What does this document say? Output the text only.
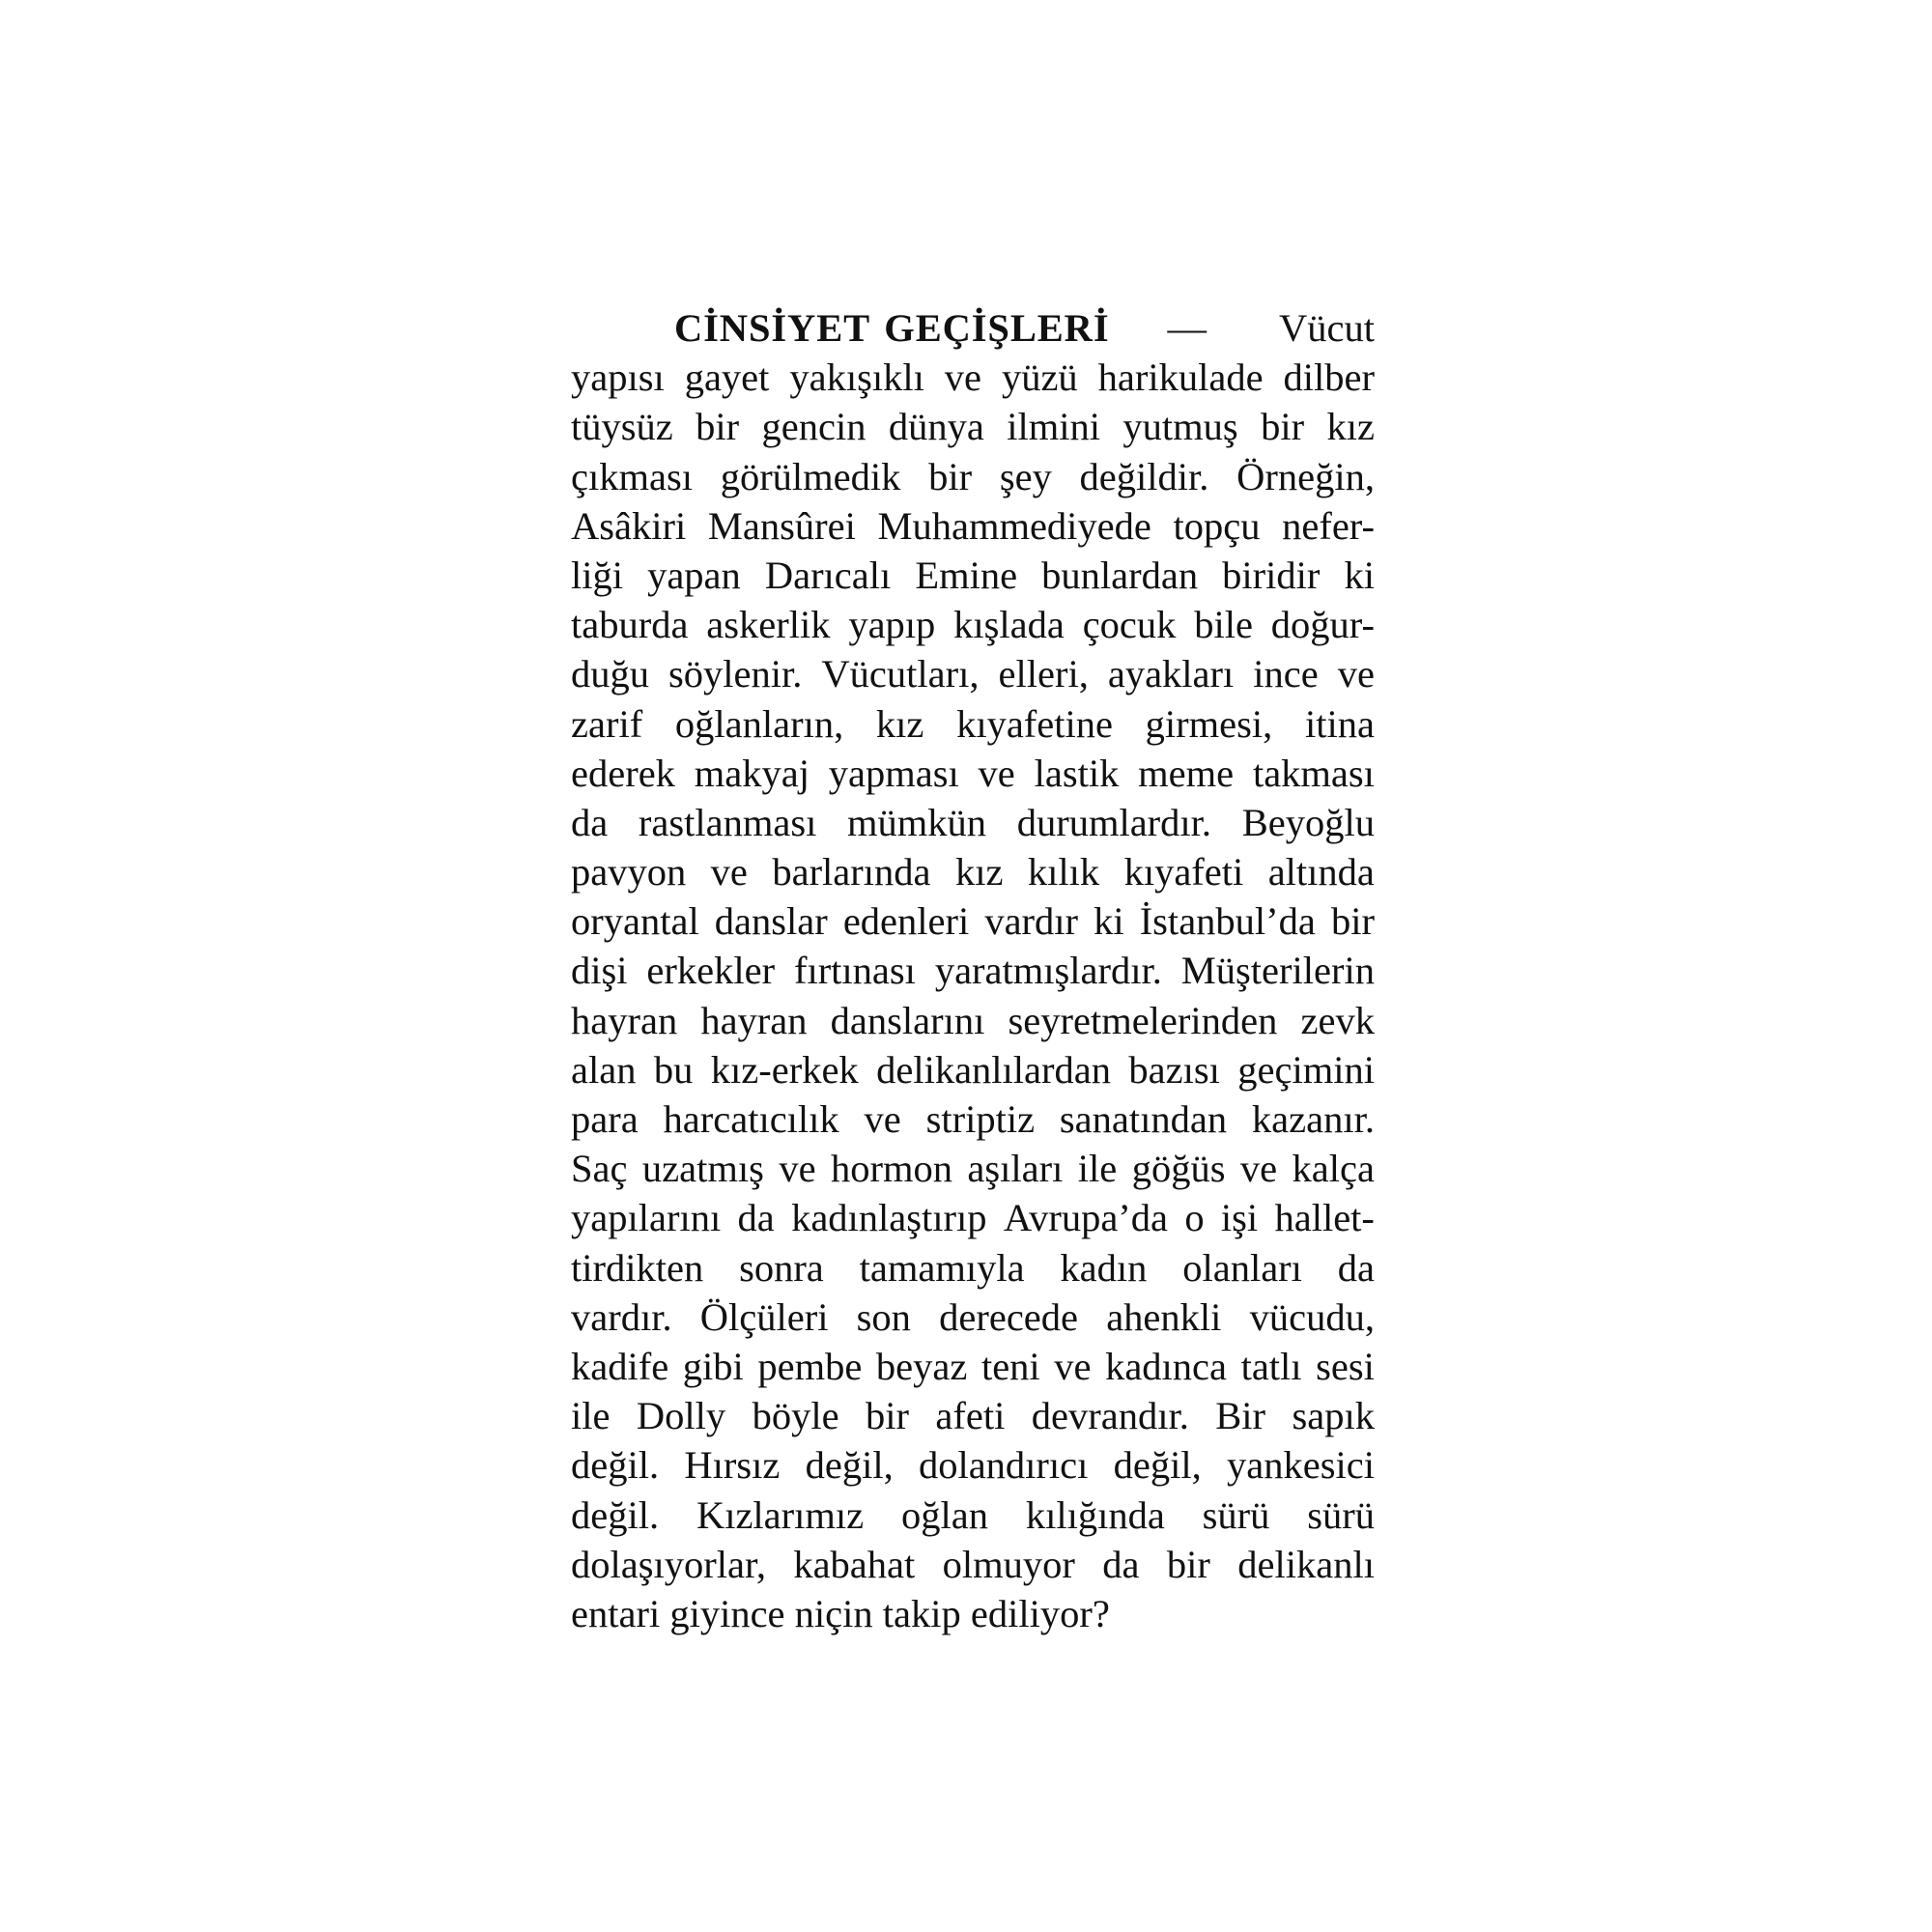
CİNSİYET GEÇİŞLERİ — Vücut
yapısı gayet yakışıklı ve yüzü harikulade dilber
tüysüz bir gencin dünya ilmini yutmuş bir kız
çıkması görülmedik bir şey değildir. Örneğin,
Asâkiri Mansûrei Muhammediyede topçu nefer-
liği yapan Darıcalı Emine bunlardan biridir ki
taburda askerlik yapıp kışlada çocuk bile doğur-
duğu söylenir. Vücutları, elleri, ayakları ince ve
zarif oğlanların, kız kıyafetine girmesi, itina
ederek makyaj yapması ve lastik meme takması
da rastlanması mümkün durumlardır. Beyoğlu
pavyon ve barlarında kız kılık kıyafeti altında
oryantal danslar edenleri vardır ki İstanbul’da bir
dişi erkekler fırtınası yaratmışlardır. Müşterilerin
hayran hayran danslarını seyretmelerinden zevk
alan bu kız-erkek delikanlılardan bazısı geçimini
para harcatıcılık ve striptiz sanatından kazanır.
Saç uzatmış ve hormon aşıları ile göğüs ve kalça
yapılarını da kadınlaştırıp Avrupa’da o işi hallet-
tirdikten sonra tamamıyla kadın olanları da
vardır. Ölçüleri son derecede ahenkli vücudu,
kadife gibi pembe beyaz teni ve kadınca tatlı sesi
ile Dolly böyle bir afeti devrandır. Bir sapık
değil. Hırsız değil, dolandırıcı değil, yankesici
değil. Kızlarımız oğlan kılığında sürü sürü
dolaşıyorlar, kabahat olmuyor da bir delikanlı
entari giyince niçin takip ediliyor?
